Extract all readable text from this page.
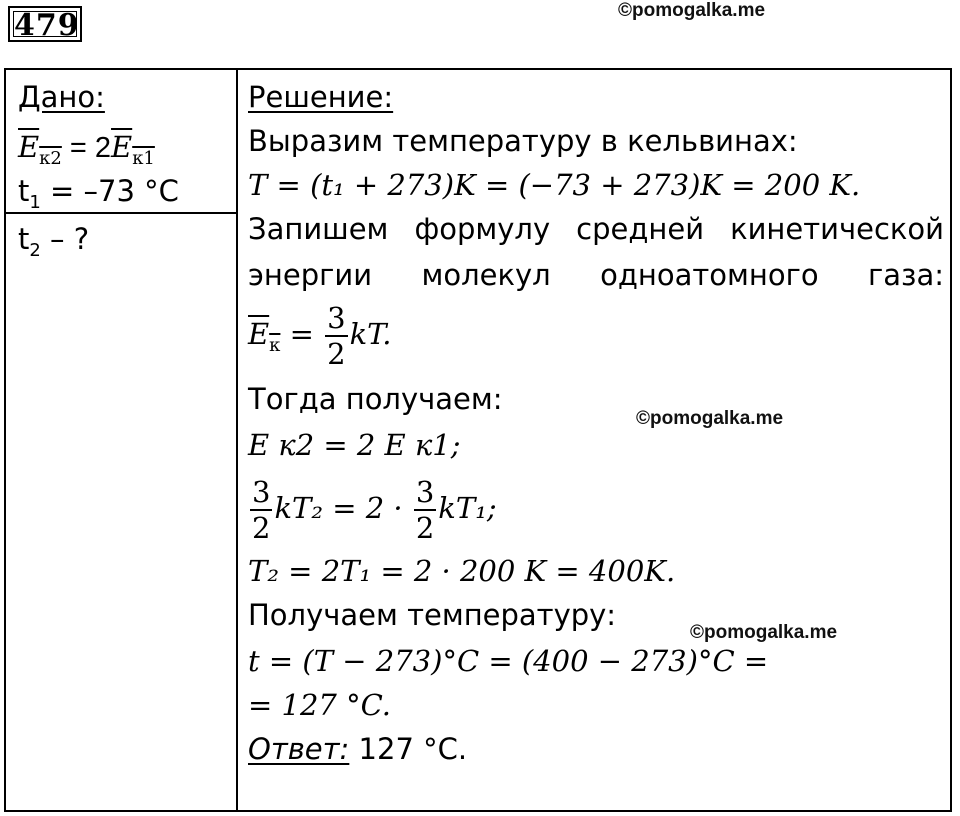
479	©pomogalka.me
©pomogalka.me
©pomogalka.me
Дано:
$E_{к2} = 2E_{к1}$
$t_1 = -73$ °C
$t_2$ – ?
Решение:
Выразим температуру в кельвинах:
T = (t₁ + 273)K = (−73 + 273)K = 200 K.
Запишем формулу средней кинетической энергии молекул одноатомного газа:
$E_к = \frac{3}{2}$ kT.
Тогда получаем:
E к2 = 2 E к1;
$\frac{3}{2} kT_2 = 2 \cdot \frac{3}{2} kT_1$;
T₂ = 2T₁ = 2 · 200 K = 400K.
Получаем температуру:
t = (T − 273)°C = (400 − 273)°C =
= 127 °C.
Ответ: 127 °С.
